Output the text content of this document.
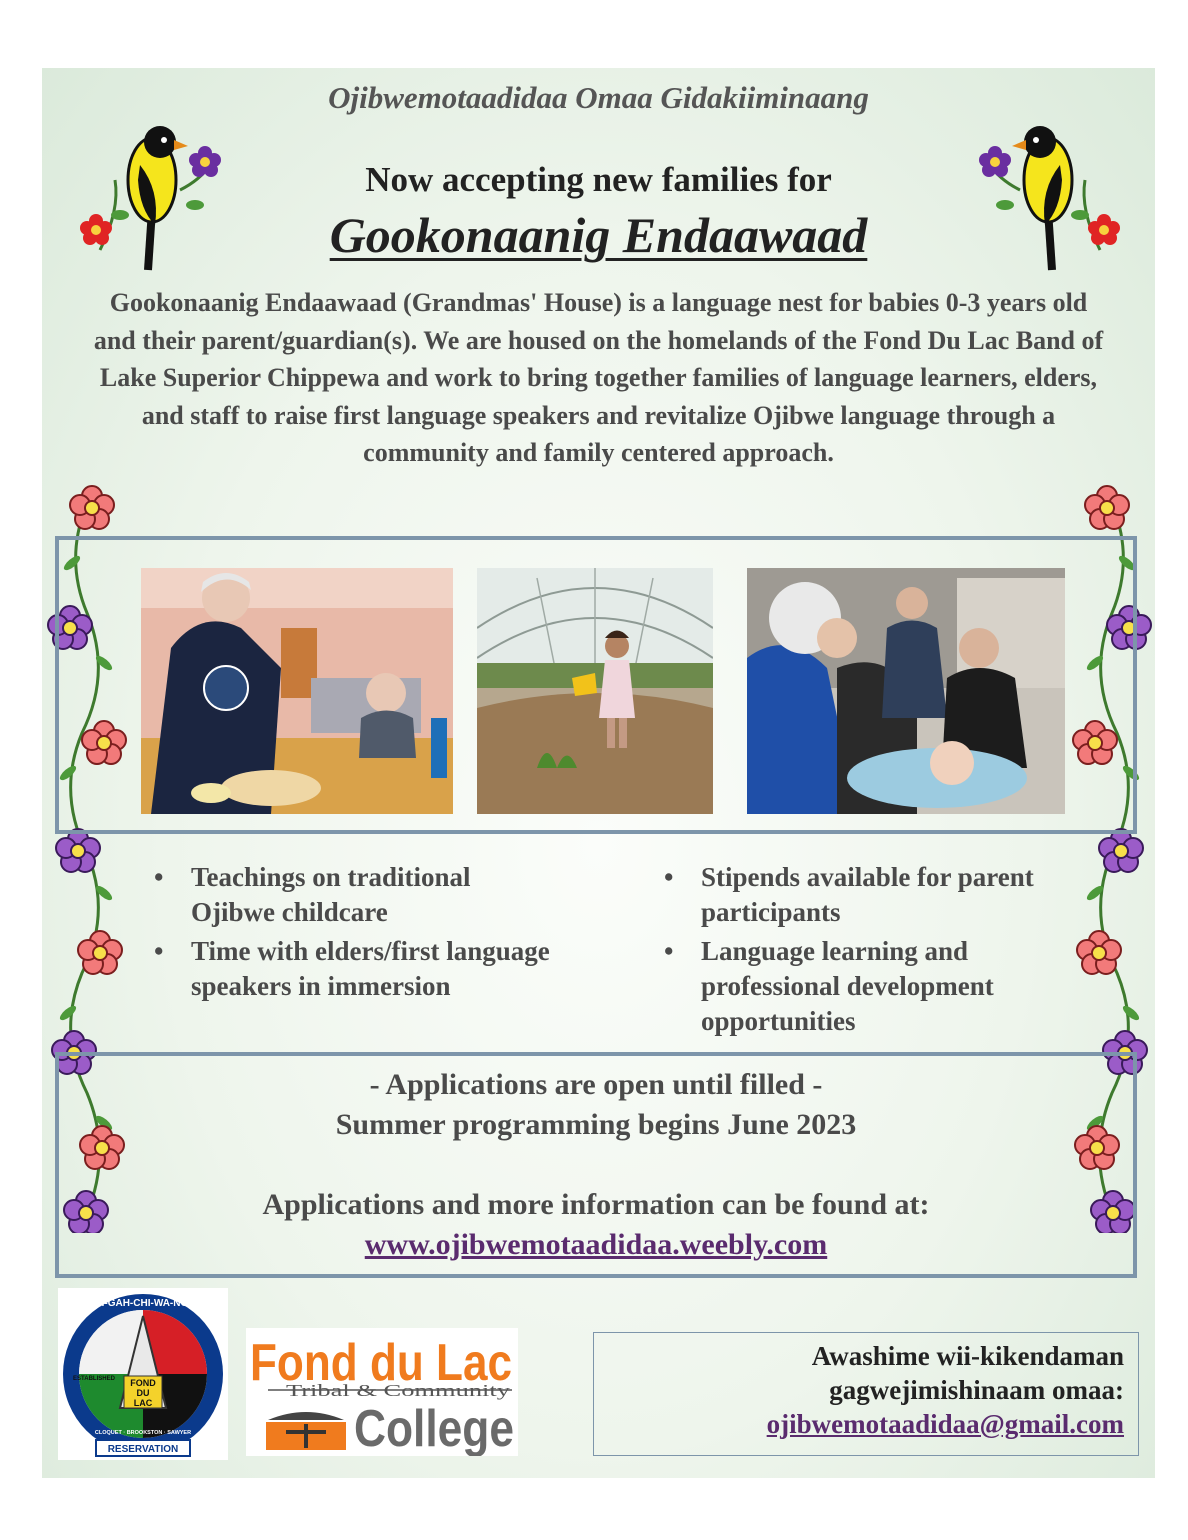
Ojibwemotaadidaa Omaa Gidakiiminaang
Now accepting new families for
Gookonaanig Endaawaad
Gookonaanig Endaawaad (Grandmas' House) is a language nest for babies 0-3 years old and their parent/guardian(s). We are housed on the homelands of the Fond Du Lac Band of Lake Superior Chippewa and work to bring together families of language learners, elders, and staff to raise first language speakers and revitalize Ojibwe language through a community and family centered approach.
• Teachings on traditional Ojibwe childcare
• Time with elders/first language speakers in immersion
• Stipends available for parent participants
• Language learning and professional development opportunities
- Applications are open until filled -
Summer programming begins June 2023
Applications and more information can be found at:
www.ojibwemotaadidaa.weebly.com
FOND
DU
LAC
NAH-GAH-CHI-WA-NONG
ESTABLISHED
CLOQUET · BROOKSTON · SAWYER
RESERVATION
Fond du Lac
Tribal & Community
College
Awashime wii-kikendaman
gagwejimishinaam omaa:
ojibwemotaadidaa@gmail.com
